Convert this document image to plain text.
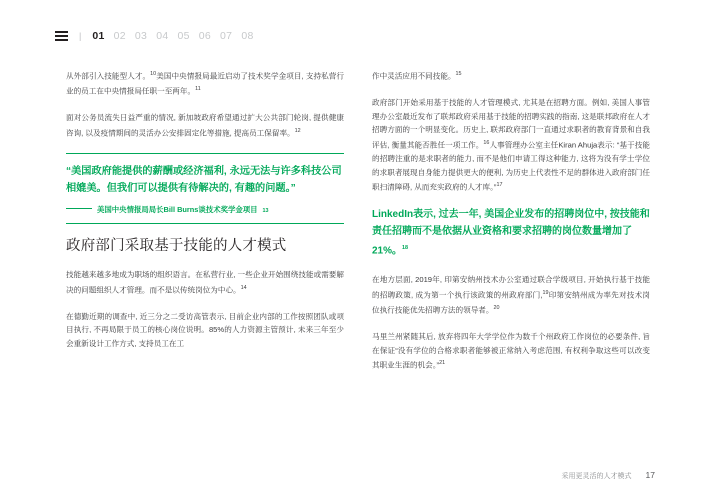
| 01 02 03 04 05 06 07 08

从外部引入技能型人才。$^{10}$美国中央情报局最近启动了技术奖学金项目, 支持私营行业的员工在中央情报局任职一至两年。$^{11}$

面对公务员流失日益严重的情况, 新加坡政府希望通过扩大公共部门轮岗, 提供健康咨询, 以及疫情期间的灵活办公安排固定化等措施, 提高员工保留率。$^{12}$

“美国政府能提供的薪酬或经济福利, 永远无法与许多科技公司相媲美。但我们可以提供有待解决的, 有趣的问题。”

美国中央情报局局长Bill Burns谈技术奖学金项目 13
政府部门采取基于技能的人才模式

技能越来越多地成为职场的组织语言。在私营行业, 一些企业开始围绕技能或需要解决的问题组织人才管理。而不是以传统岗位为中心。$^{14}$

在德勤近期的调查中, 近三分之二受访高管表示, 目前企业内部的工作按照团队或项目执行, 不再局限于员工的核心岗位说明。85%的人力资源主管预计, 未来三年至少会重新设计工作方式, 支持员工在工

作中灵活应用不同技能。$^{15}$

政府部门开始采用基于技能的人才管理模式, 尤其是在招聘方面。例如, 美国人事管理办公室最近发布了联邦政府采用基于技能的招聘实践的指南, 这是联邦政府在人才招聘方面的一个明显变化。历史上, 联邦政府部门一直通过求职者的教育背景和自我评估, 衡量其能否胜任一项工作。$^{16}$人事管理办公室主任Kiran Ahuja表示: “基于技能的招聘注重的是求职者的能力, 而不是他们申请工得这种能力, 这将为没有学士学位的求职者展现自身能力提供更大的便利, 为历史上代表性不足的群体进入政府部门任职扫清障碍, 从而充实政府的人才库。”$^{17}$

LinkedIn表示, 过去一年, 美国企业发布的招聘岗位中, 按技能和责任招聘而不是依据从业资格和要求招聘的岗位数量增加了21%。$^{18}$

在地方层面, 2019年, 印第安纳州技术办公室通过联合学级项目, 开始执行基于技能的招聘政策, 成为第一个执行该政策的州政府部门,$^{19}$印第安纳州成为率先对技术岗位执行技能优先招聘方法的领导者。$^{20}$

马里兰州紧随其后, 放弃将四年大学学位作为数千个州政府工作岗位的必要条件, 旨在保证“没有学位的合格求职者能够被正常纳入考虑范围, 有权利争取这些可以改变其职业生涯的机会。”$^{21}$

采用更灵活的人才模式 17
